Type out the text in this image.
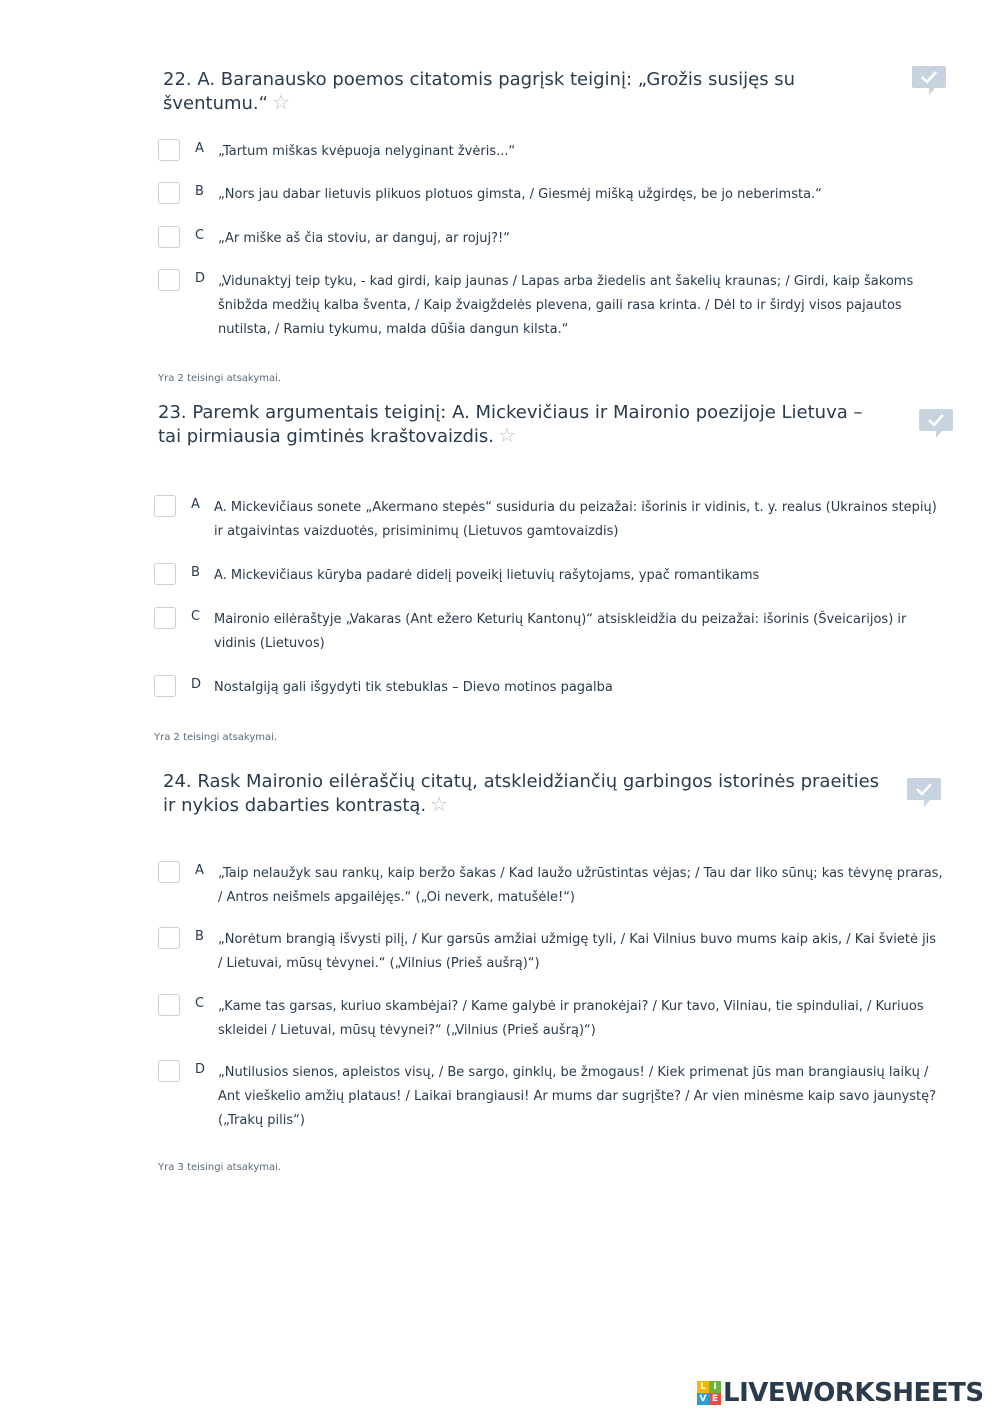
22. A. Baranausko poemos citatomis pagrįsk teiginį: „Grožis susijęs su šventumu.“ ☆
A „Tartum miškas kvėpuoja nelyginant žvėris...“
B „Nors jau dabar lietuvis plikuos plotuos gimsta, / Giesmėj mišką užgirdęs, be jo neberimsta.“
C „Ar miške aš čia stoviu, ar danguj, ar rojuj?!“
D „Vidunaktyj teip tyku, - kad girdi, kaip jaunas / Lapas arba žiedelis ant šakelių kraunas; / Girdi, kaip šakoms šnibžda medžių kalba šventa, / Kaip žvaigždelės plevena, gaili rasa krinta. / Dėl to ir širdyj visos pajautos nutilsta, / Ramiu tykumu, malda dūšia dangun kilsta.“
Yra 2 teisingi atsakymai.
23. Paremk argumentais teiginį: A. Mickevičiaus ir Maironio poezijoje Lietuva – tai pirmiausia gimtinės kraštovaizdis. ☆
A A. Mickevičiaus sonete „Akermano stepės“ susiduria du peizažai: išorinis ir vidinis, t. y. realus (Ukrainos stepių) ir atgaivintas vaizduotės, prisiminimų (Lietuvos gamtovaizdis)
B A. Mickevičiaus kūryba padarė didelį poveikį lietuvių rašytojams, ypač romantikams
C Maironio eilėraštyje „Vakaras (Ant ežero Keturių Kantonų)“ atsiskleidžia du peizažai: išorinis (Šveicarijos) ir vidinis (Lietuvos)
D Nostalgiją gali išgydyti tik stebuklas – Dievo motinos pagalba
Yra 2 teisingi atsakymai.
24. Rask Maironio eilėraščių citatų, atskleidžiančių garbingos istorinės praeities ir nykios dabarties kontrastą. ☆
A „Taip nelaužyk sau rankų, kaip beržo šakas / Kad laužo užrūstintas vėjas; / Tau dar liko sūnų; kas tėvynę praras, / Antros neišmels apgailėjęs.“ („Oi neverk, matušėle!“)
B „Norėtum brangią išvysti pilį, / Kur garsūs amžiai užmigę tyli, / Kai Vilnius buvo mums kaip akis, / Kai švietė jis / Lietuvai, mūsų tėvynei.“ („Vilnius (Prieš aušrą)“)
C „Kame tas garsas, kuriuo skambėjai? / Kame galybė ir pranokėjai? / Kur tavo, Vilniau, tie spinduliai, / Kuriuos skleidei / Lietuvai, mūsų tėvynei?“ („Vilnius (Prieš aušrą)“)
D „Nutilusios sienos, apleistos visų, / Be sargo, ginklų, be žmogaus! / Kiek primenat jūs man brangiausių laikų / Ant vieškelio amžių plataus! / Laikai brangiausi! Ar mums dar sugrįšte? / Ar vien minėsme kaip savo jaunystę? („Trakų pilis“)
Yra 3 teisingi atsakymai.
L I
V E LIVEWORKSHEETS
